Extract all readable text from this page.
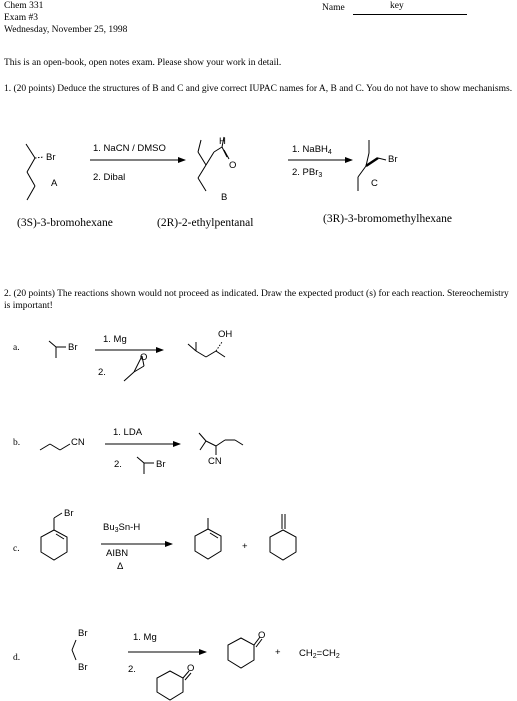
Chem 331
Exam #3
Wednesday, November 25, 1998
Name	key
This is an open-book, open notes exam. Please show your work in detail.
1. (20 points) Deduce the structures of B and C and give correct IUPAC names for A, B and C. You do not have to show mechanisms.
(3S)-3-bromohexane	(2R)-2-ethylpentanal	(3R)-3-bromomethylhexane
2. (20 points) The reactions shown would not proceed as indicated. Draw the expected product (s) for each reaction. Stereochemistry is important!
a.
b.
c.
d.
Br
A
1. NaCN / DMSO
2. Dibal
H
O
B
1. NaBH$_4$
2. PBr$_3$
Br
C
Br
1. Mg
2.
O
OH
CN
1. LDA
2.	Br	CN
Br
$Bu_3Sn-H$
AIBN
Δ
+
Br
Br
1. Mg
2.	O
O
+ $CH_2=CH_2$
